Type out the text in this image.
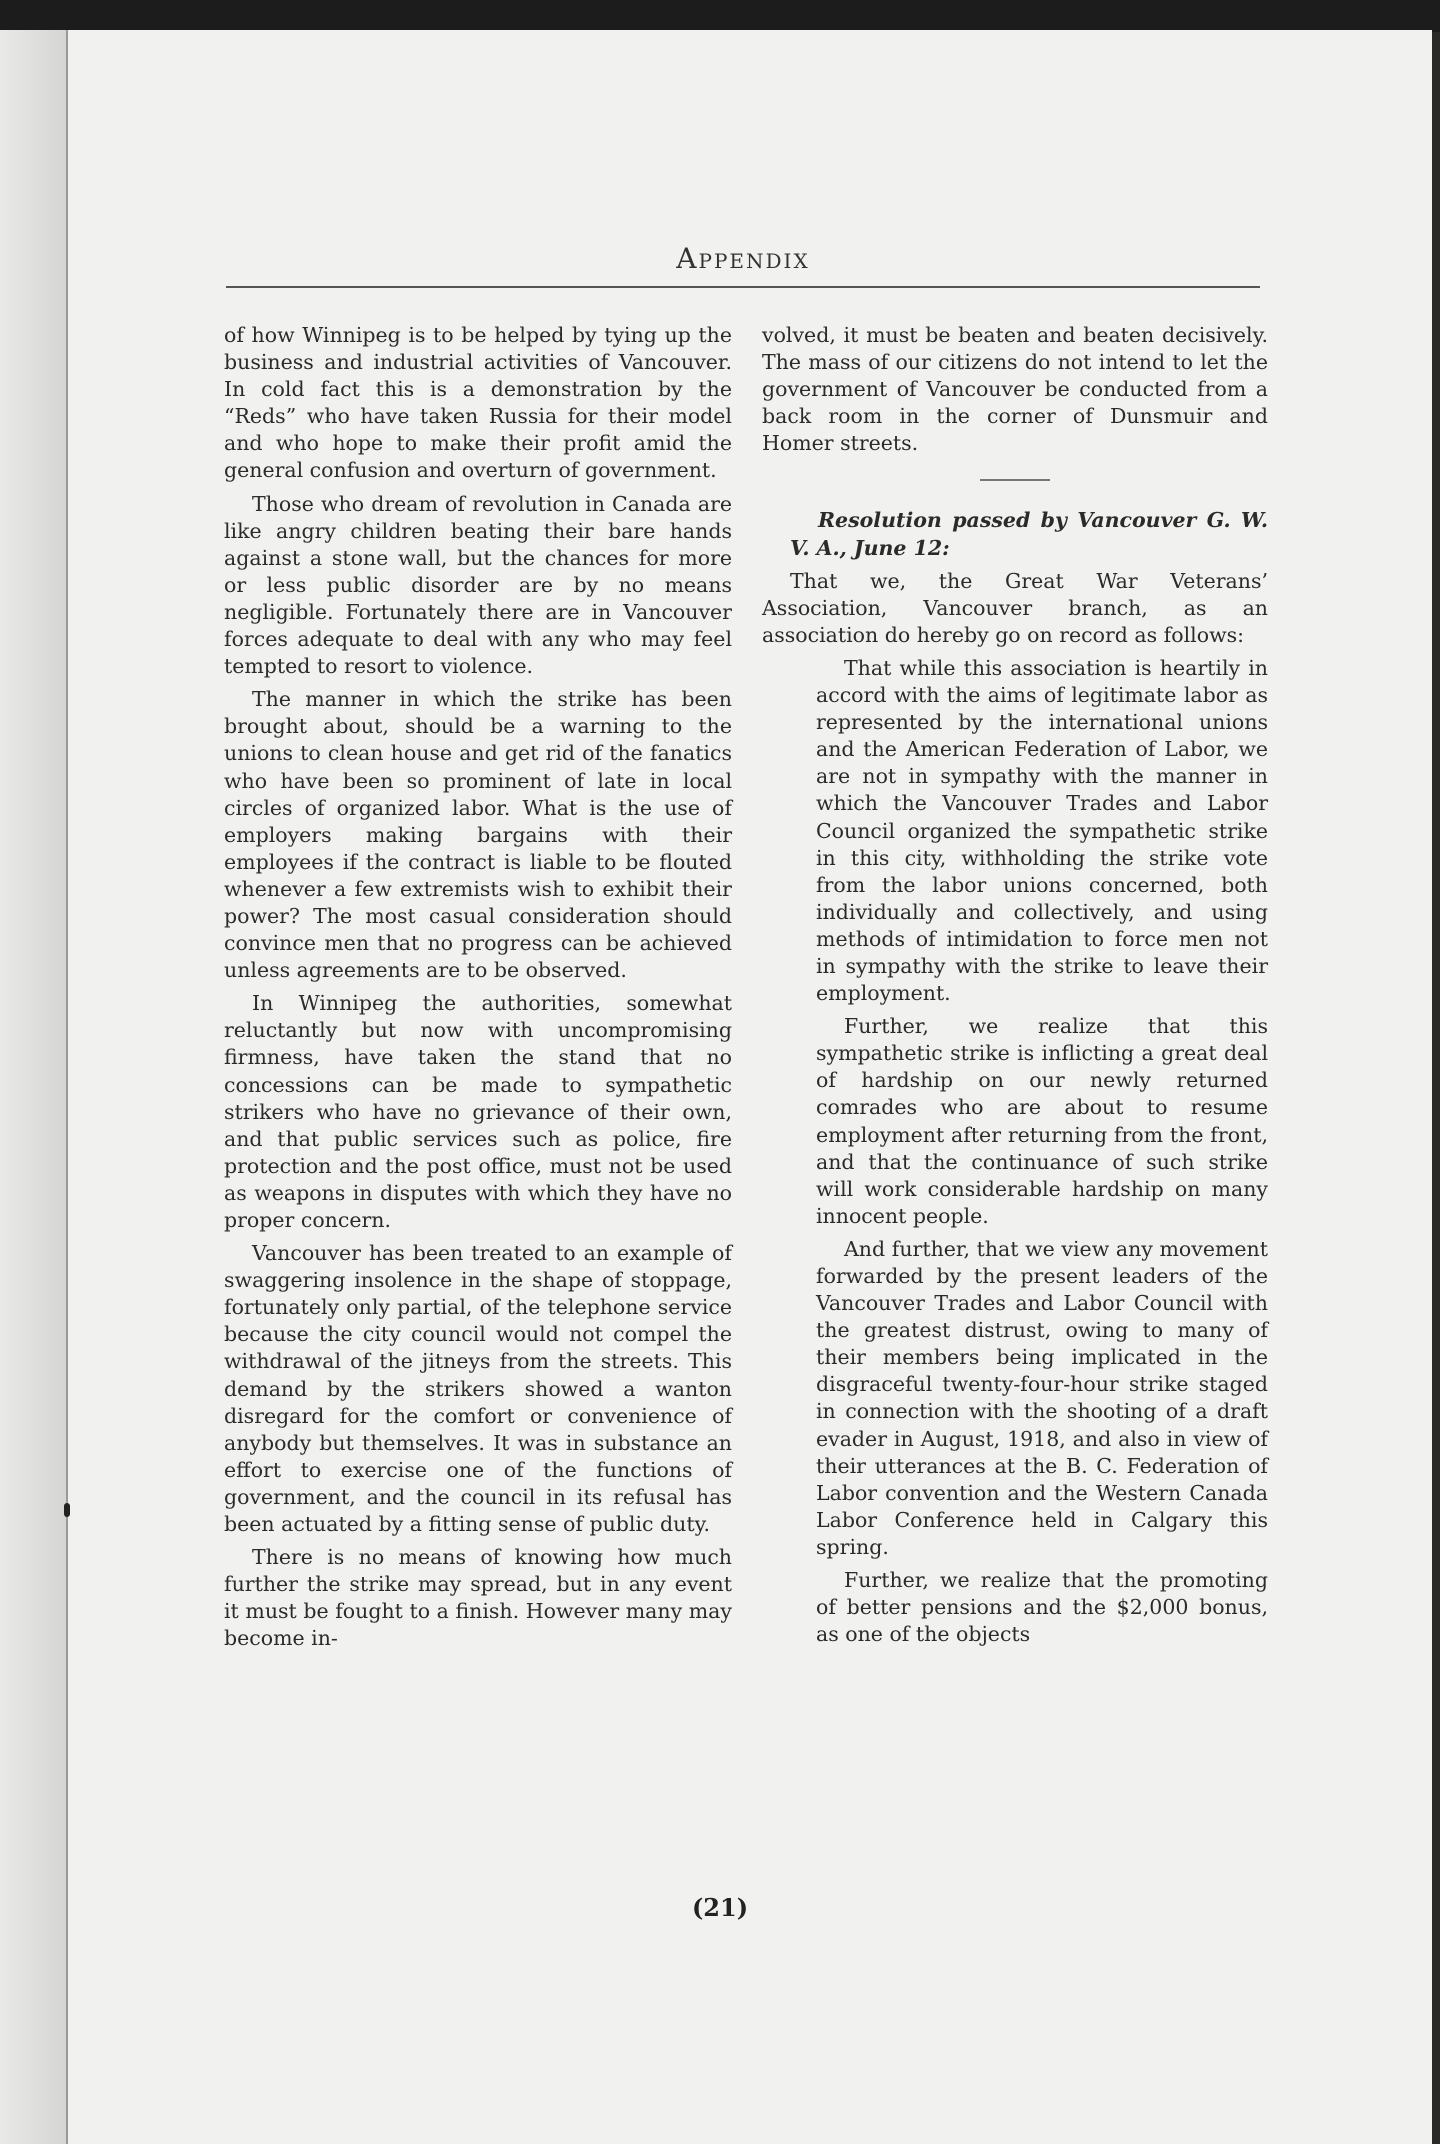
Appendix

of how Winnipeg is to be helped by tying up the business and industrial activities of Vancouver. In cold fact this is a demonstration by the “Reds” who have taken Russia for their model and who hope to make their profit amid the general confusion and overturn of government.

Those who dream of revolution in Canada are like angry children beating their bare hands against a stone wall, but the chances for more or less public disorder are by no means negligible. Fortunately there are in Vancouver forces adequate to deal with any who may feel tempted to resort to violence.

The manner in which the strike has been brought about, should be a warning to the unions to clean house and get rid of the fanatics who have been so prominent of late in local circles of organized labor. What is the use of employers making bargains with their employees if the contract is liable to be flouted whenever a few extremists wish to exhibit their power? The most casual consideration should convince men that no progress can be achieved unless agreements are to be observed.

In Winnipeg the authorities, somewhat reluctantly but now with uncompromising firmness, have taken the stand that no concessions can be made to sympathetic strikers who have no grievance of their own, and that public services such as police, fire protection and the post office, must not be used as weapons in disputes with which they have no proper concern.

Vancouver has been treated to an example of swaggering insolence in the shape of stoppage, fortunately only partial, of the telephone service because the city council would not compel the withdrawal of the jitneys from the streets. This demand by the strikers showed a wanton disregard for the comfort or convenience of anybody but themselves. It was in substance an effort to exercise one of the functions of government, and the council in its refusal has been actuated by a fitting sense of public duty.

There is no means of knowing how much further the strike may spread, but in any event it must be fought to a finish. However many may become in-

volved, it must be beaten and beaten decisively. The mass of our citizens do not intend to let the government of Vancouver be conducted from a back room in the corner of Dunsmuir and Homer streets.

Resolution passed by Vancouver G. W. V. A., June 12:

That we, the Great War Veterans’ Association, Vancouver branch, as an association do hereby go on record as follows:

That while this association is heartily in accord with the aims of legitimate labor as represented by the international unions and the American Federation of Labor, we are not in sympathy with the manner in which the Vancouver Trades and Labor Council organized the sympathetic strike in this city, withholding the strike vote from the labor unions concerned, both individually and collectively, and using methods of intimidation to force men not in sympathy with the strike to leave their employment.

Further, we realize that this sympathetic strike is inflicting a great deal of hardship on our newly returned comrades who are about to resume employment after returning from the front, and that the continuance of such strike will work considerable hardship on many innocent people.

And further, that we view any movement forwarded by the present leaders of the Vancouver Trades and Labor Council with the greatest distrust, owing to many of their members being implicated in the disgraceful twenty-four-hour strike staged in connection with the shooting of a draft evader in August, 1918, and also in view of their utterances at the B. C. Federation of Labor convention and the Western Canada Labor Conference held in Calgary this spring.

Further, we realize that the promoting of better pensions and the $2,000 bonus, as one of the objects

(21)
